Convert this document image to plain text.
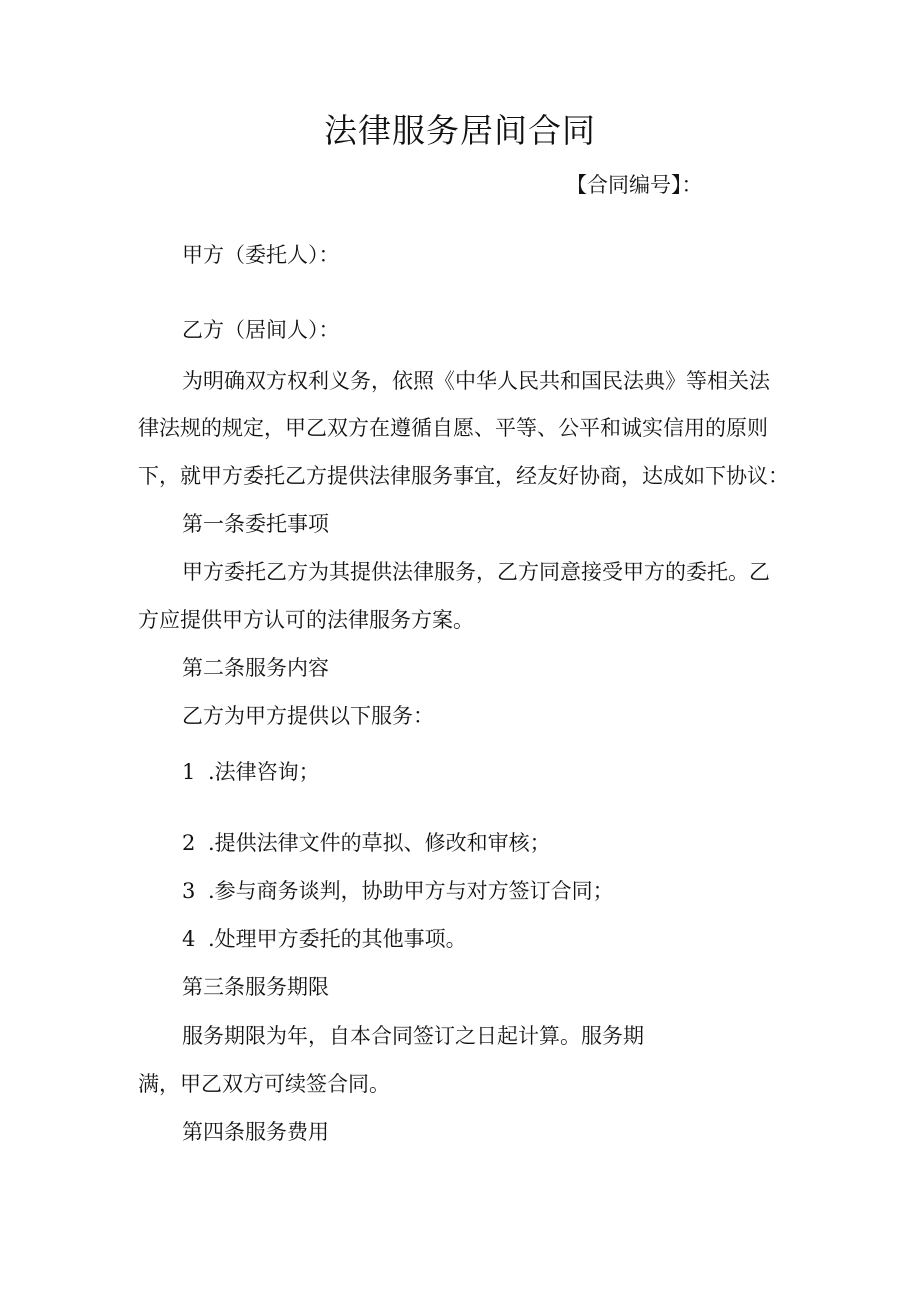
法律服务居间合同
【合同编号】：
甲方（委托人）：
乙方（居间人）：
为明确双方权利义务，依照《中华人民共和国民法典》等相关法
律法规的规定，甲乙双方在遵循自愿、平等、公平和诚实信用的原则
下，就甲方委托乙方提供法律服务事宜，经友好协商，达成如下协议：
第一条委托事项
甲方委托乙方为其提供法律服务，乙方同意接受甲方的委托。乙
方应提供甲方认可的法律服务方案。
第二条服务内容
乙方为甲方提供以下服务：
1 .法律咨询；
2 .提供法律文件的草拟、修改和审核；
3 .参与商务谈判，协助甲方与对方签订合同；
4 .处理甲方委托的其他事项。
第三条服务期限
服务期限为年，自本合同签订之日起计算。服务期
满，甲乙双方可续签合同。
第四条服务费用
